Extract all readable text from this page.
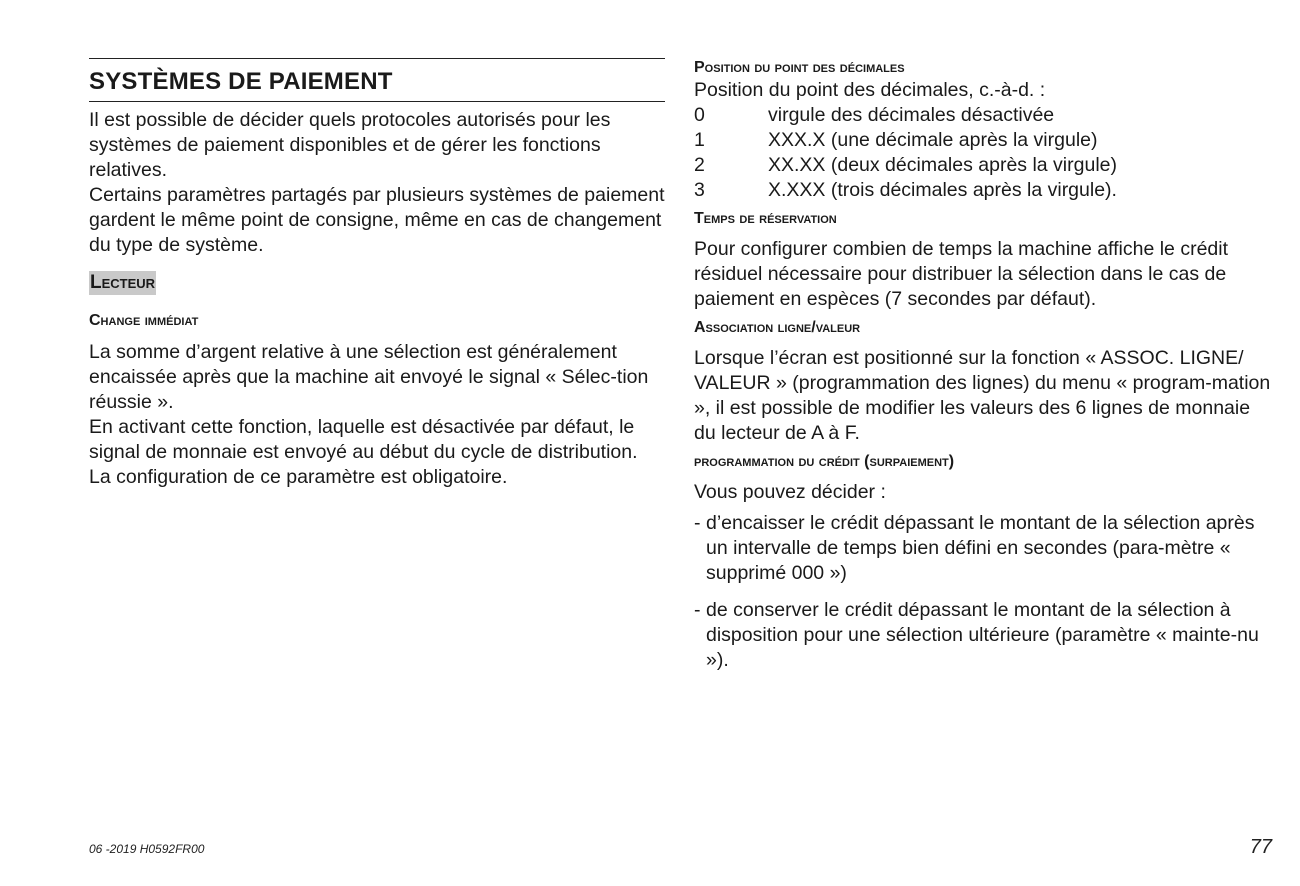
SYSTÈMES DE PAIEMENT

Il est possible de décider quels protocoles autorisés pour les systèmes de paiement disponibles et de gérer les fonctions relatives.

Certains paramètres partagés par plusieurs systèmes de paiement gardent le même point de consigne, même en cas de changement du type de système.

Lecteur
Change immédiat

La somme d’argent relative à une sélection est généralement encaissée après que la machine ait envoyé le signal « Sélec-tion réussie ».

En activant cette fonction, laquelle est désactivée par défaut, le signal de monnaie est envoyé au début du cycle de distribution.

La configuration de ce paramètre est obligatoire.

Position du point des décimales

Position du point des décimales, c.-à-d. :

0	virgule des décimales désactivée
1	XXX.X (une décimale après la virgule)
2	XX.XX (deux décimales après la virgule)
3	X.XXX (trois décimales après la virgule).
Temps de réservation

Pour configurer combien de temps la machine affiche le crédit résiduel nécessaire pour distribuer la sélection dans le cas de paiement en espèces (7 secondes par défaut).

Association ligne/valeur

Lorsque l’écran est positionné sur la fonction « ASSOC. LIGNE/ VALEUR » (programmation des lignes) du menu « program-mation », il est possible de modifier les valeurs des 6 lignes de monnaie du lecteur de A à F.

programmation du crédit (surpaiement)

Vous pouvez décider :

- d’encaisser le crédit dépassant le montant de la sélection après un intervalle de temps bien défini en secondes (para-mètre « supprimé 000 »)
- de conserver le crédit dépassant le montant de la sélection à disposition pour une sélection ultérieure (paramètre « mainte-nu »).
06 -2019 H0592FR00	77
